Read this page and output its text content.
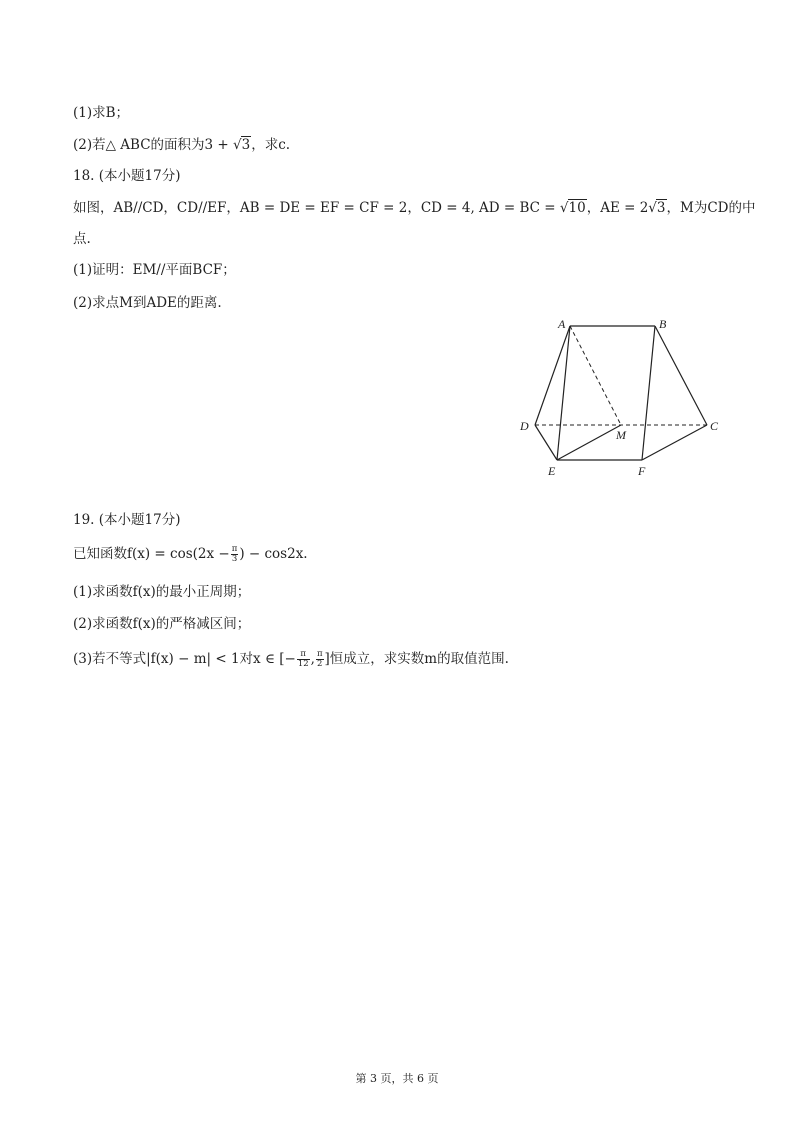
(1)求B；
(2)若△ ABC的面积为3 + √3，求c.
18. (本小题17分)
如图，AB//CD，CD//EF，AB = DE = EF = CF = 2，CD = 4, AD = BC = √10，AE = 2√3，M为CD的中
点.
(1)证明：EM//平面BCF；
(2)求点M到ADE的距离.
A	B
C
D
E	F
M
19. (本小题17分)
已知函数$f(x) = \cos(2x - \frac{\pi}{3}$ ) − cos2x.
(1)求函数f(x)的最小正周期；
(2)求函数f(x)的严格减区间；
(3)若不等式|f(x) − m| < 1对x ∈ [− $\frac{\pi}{12}$ , $\frac{\pi}{2}$ ]恒成立，求实数m的取值范围.
第 3 页，共 6 页
